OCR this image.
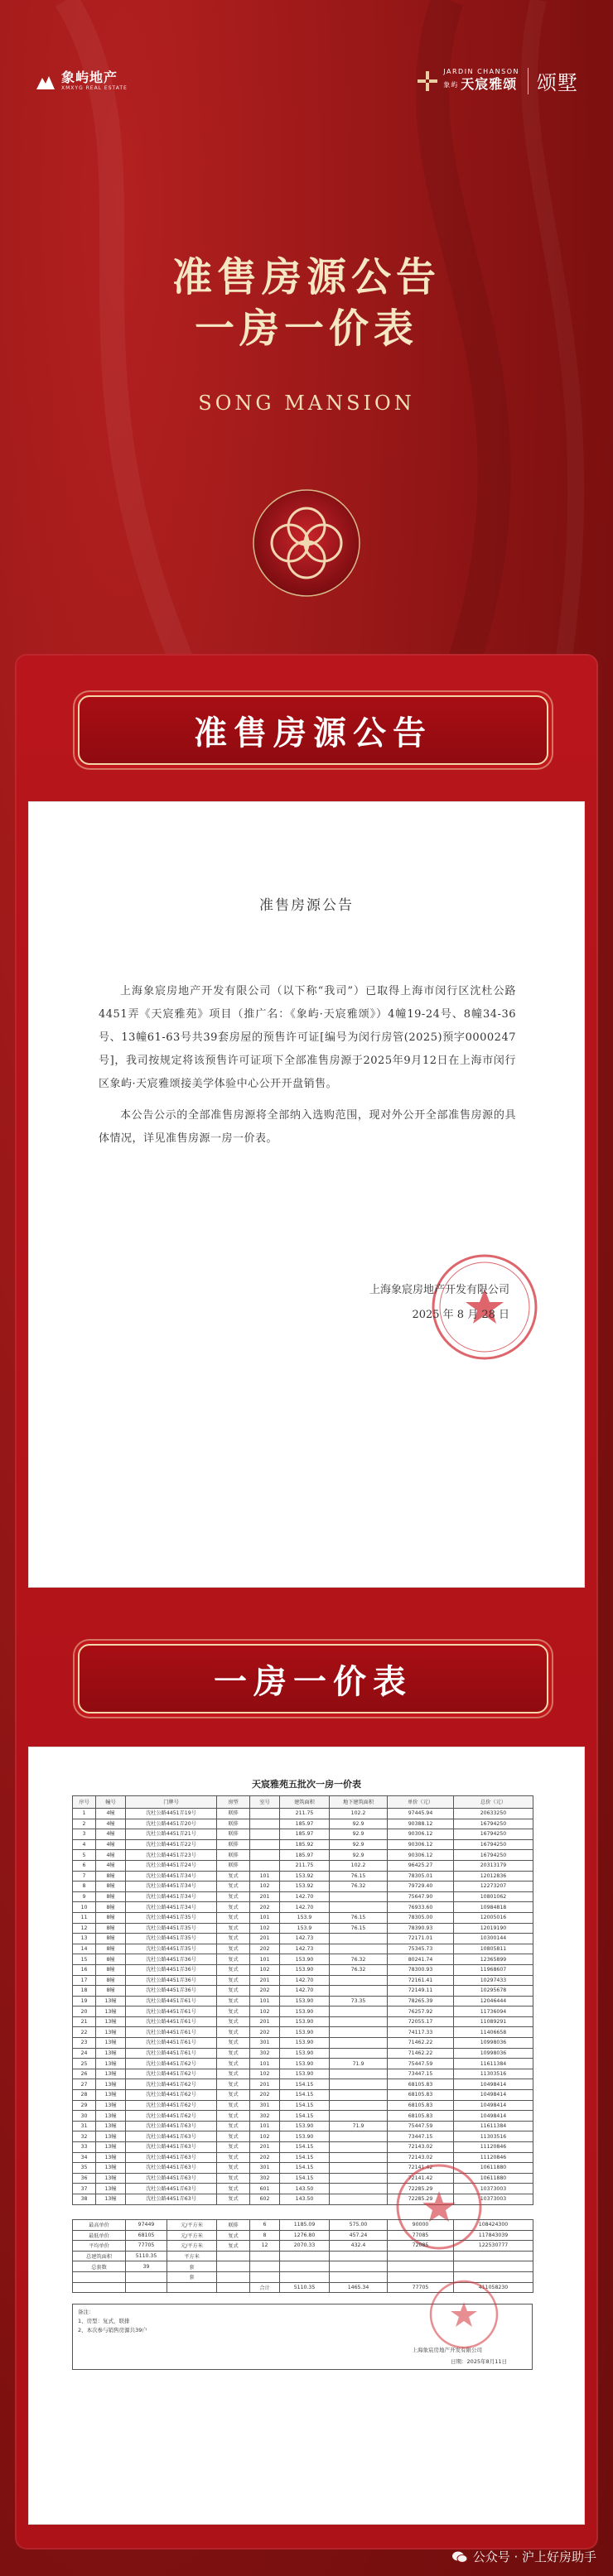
象屿地产
XMXYG REAL ESTATE
JARDIN CHANSON
象屿 天宸雅颂 颂墅
准售房源公告
一房一价表
SONG MANSION
准售房源公告
准售房源公告

上海象宸房地产开发有限公司（以下称“我司”）已取得上海市闵行区沈杜公路4451弄《天宸雅苑》项目（推广名：《象屿·天宸雅颂》）4幢19-24号、8幢34-36号、13幢61-63号共39套房屋的预售许可证[编号为闵行房管(2025)预字0000247号]，我司按规定将该预售许可证项下全部准售房源于2025年9月12日在上海市闵行区象屿·天宸雅颂接美学体验中心公开开盘销售。

本公告公示的全部准售房源将全部纳入选购范围，现对外公开全部准售房源的具体情况，详见准售房源一房一价表。

上海象宸房地产开发有限公司
2025 年 8 月 28 日
一房一价表
天宸雅苑五批次一房一价表
序号	幢号	门牌号	房型	室号	建筑面积	地下建筑面积	单价（元）	总价（元）
1	4幢	沈杜公路4451弄19号	联排		211.75	102.2	97445.94	20633250
2	4幢	沈杜公路4451弄20号	联排		185.97	92.9	90388.12	16794250
3	4幢	沈杜公路4451弄21号	联排		185.97	92.9	90306.12	16794250
4	4幢	沈杜公路4451弄22号	联排		185.92	92.9	90306.12	16794250
5	4幢	沈杜公路4451弄23号	联排		185.97	92.9	90306.12	16794250
6	4幢	沈杜公路4451弄24号	联排		211.75	102.2	96425.27	20313179
7	8幢	沈杜公路4451弄34号	复式	101	153.92	76.15	78305.01	12012836
8	8幢	沈杜公路4451弄34号	复式	102	153.92	76.32	79729.40	12273207
9	8幢	沈杜公路4451弄34号	复式	201	142.70		75647.90	10801062
10	8幢	沈杜公路4451弄34号	复式	202	142.70		76933.60	10984818
11	8幢	沈杜公路4451弄35号	复式	101	153.9	76.15	78305.00	12005016
12	8幢	沈杜公路4451弄35号	复式	102	153.9	76.15	78390.93	12019190
13	8幢	沈杜公路4451弄35号	复式	201	142.73		72171.01	10300144
14	8幢	沈杜公路4451弄35号	复式	202	142.73		75345.73	10805811
15	8幢	沈杜公路4451弄36号	复式	101	153.90	76.32	80241.74	12365899
16	8幢	沈杜公路4451弄36号	复式	102	153.90	76.32	78300.93	11968607
17	8幢	沈杜公路4451弄36号	复式	201	142.70		72161.41	10297433
18	8幢	沈杜公路4451弄36号	复式	202	142.70		72149.11	10295678
19	13幢	沈杜公路4451弄61号	复式	101	153.90	73.35	78265.39	12046444
20	13幢	沈杜公路4451弄61号	复式	102	153.90		76257.92	11736094
21	13幢	沈杜公路4451弄61号	复式	201	153.90		72055.17	11089291
22	13幢	沈杜公路4451弄61号	复式	202	153.90		74117.33	11406658
23	13幢	沈杜公路4451弄61号	复式	301	153.90		71462.22	10998036
24	13幢	沈杜公路4451弄61号	复式	302	153.90		71462.22	10998036
25	13幢	沈杜公路4451弄62号	复式	101	153.90	71.9	75447.59	11611384
26	13幢	沈杜公路4451弄62号	复式	102	153.90		73447.15	11303516
27	13幢	沈杜公路4451弄62号	复式	201	154.15		68105.83	10498414
28	13幢	沈杜公路4451弄62号	复式	202	154.15		68105.83	10498414
29	13幢	沈杜公路4451弄62号	复式	301	154.15		68105.83	10498414
30	13幢	沈杜公路4451弄62号	复式	302	154.15		68105.83	10498414
31	13幢	沈杜公路4451弄63号	复式	101	153.90	71.9	75447.59	11611384
32	13幢	沈杜公路4451弄63号	复式	102	153.90		73447.15	11303516
33	13幢	沈杜公路4451弄63号	复式	201	154.15		72143.02	11120846
34	13幢	沈杜公路4451弄63号	复式	202	154.15		72143.02	11120846
35	13幢	沈杜公路4451弄63号	复式	301	154.15		72141.42	10611880
36	13幢	沈杜公路4451弄63号	复式	302	154.15		72141.42	10611880
37	13幢	沈杜公路4451弄63号	复式	601	143.50		72285.29	10373003
38	13幢	沈杜公路4451弄63号	复式	602	143.50		72285.29	10373003
最高单价	97449	元/平方米	联排	6	1185.09	575.00	90000	108424300
最低单价	68105	元/平方米	复式	8	1276.80	457.24	77085	117843039
平均单价	77705	元/平方米	复式	12	2070.33	432.4	72085	122530777
总建筑面积	5110.35	平方米						
总套数	39	套						
		套						
				合计	5110.35	1465.34	77705	411058230
备注：
1、房型：复式，联排
2、本次参与销售房源共39户
上海象宸房地产开发有限公司
日期：2025年8月11日
公众号 · 沪上好房助手
